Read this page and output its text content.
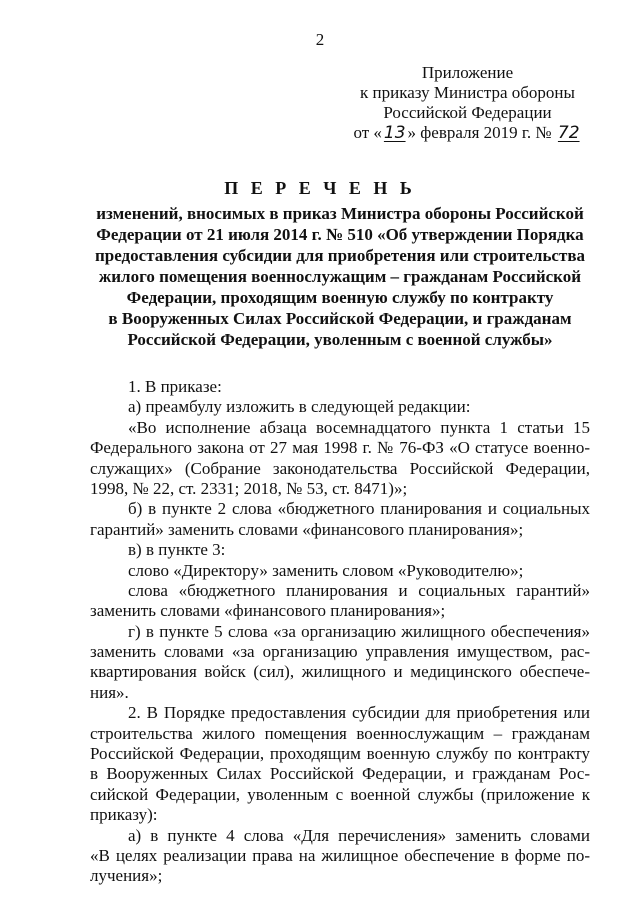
2
Приложение
к приказу Министра обороны
Российской Федерации
от « 13 » февраля 2019 г. № 72
П Е Р Е Ч Е Н Ь
изменений, вносимых в приказ Министра обороны Российской
Федерации от 21 июля 2014 г. № 510 «Об утверждении Порядка
предоставления субсидии для приобретения или строительства
жилого помещения военнослужащим – гражданам Российской
Федерации, проходящим военную службу по контракту
в Вооруженных Силах Российской Федерации, и гражданам
Российской Федерации, уволенным с военной службы»
1. В приказе:
а) преамбулу изложить в следующей редакции:
«Во исполнение абзаца восемнадцатого пункта 1 статьи 15
Федерального закона от 27 мая 1998 г. № 76-ФЗ «О статусе военно-
служащих» (Собрание законодательства Российской Федерации,
1998, № 22, ст. 2331; 2018, № 53, ст. 8471)»;
б) в пункте 2 слова «бюджетного планирования и социальных
гарантий» заменить словами «финансового планирования»;
в) в пункте 3:
слово «Директору» заменить словом «Руководителю»;
слова «бюджетного планирования и социальных гарантий»
заменить словами «финансового планирования»;
г) в пункте 5 слова «за организацию жилищного обеспечения»
заменить словами «за организацию управления имуществом, рас-
квартирования войск (сил), жилищного и медицинского обеспече-
ния».
2. В Порядке предоставления субсидии для приобретения или
строительства жилого помещения военнослужащим – гражданам
Российской Федерации, проходящим военную службу по контракту
в Вооруженных Силах Российской Федерации, и гражданам Рос-
сийской Федерации, уволенным с военной службы (приложение к
приказу):
а) в пункте 4 слова «Для перечисления» заменить словами
«В целях реализации права на жилищное обеспечение в форме по-
лучения»;
